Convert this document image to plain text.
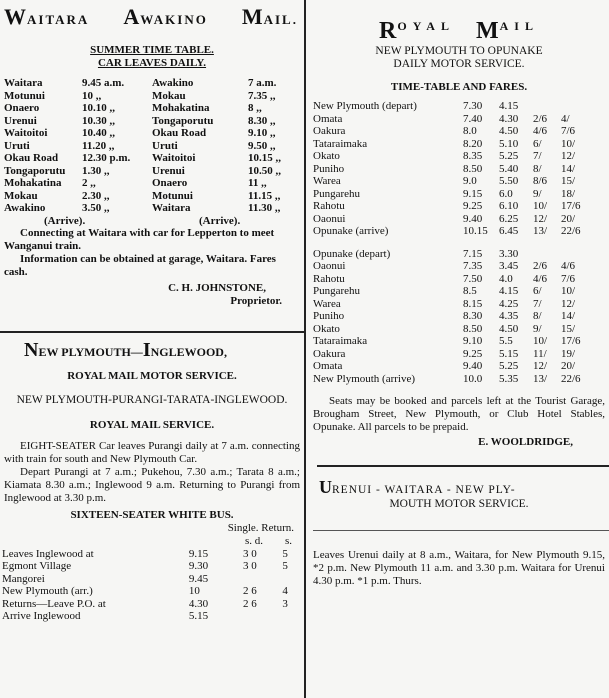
WAITARA AWAKINO MAIL.
SUMMER TIME TABLE.
CAR LEAVES DAILY.
Waitara	9.45 a.m.	Awakino	7 a.m.
Motunui	10 ,,	Mokau	7.35 ,,
Onaero	10.10 ,,	Mohakatina	8 ,,
Urenui	10.30 ,,	Tongaporutu	8.30 ,,
Waitoitoi	10.40 ,,	Okau Road	9.10 ,,
Uruti	11.20 ,,	Uruti	9.50 ,,
Okau Road	12.30 p.m.	Waitoitoi	10.15 ,,
Tongaporutu	1.30 ,,	Urenui	10.50 ,,
Mohakatina	2 ,,	Onaero	11 ,,
Mokau	2.30 ,,	Motunui	11.15 ,,
Awakino	3.50 ,,	Waitara	11.30 ,,
(Arrive).	(Arrive).

Connecting at Waitara with car for Lepperton to meet Wanganui train.

Information can be obtained at garage, Waitara. Fares cash.

C. H. JOHNSTONE,
Proprietor.
NEW PLYMOUTH—INGLEWOOD,
ROYAL MAIL MOTOR SERVICE.
NEW PLYMOUTH-PURANGI-TARATA-INGLEWOOD.
ROYAL MAIL SERVICE.

EIGHT-SEATER Car leaves Purangi daily at 7 a.m. connecting with train for south and New Plymouth Car.

Depart Purangi at 7 a.m.; Pukehou, 7.30 a.m.; Tarata 8 a.m.; Kiamata 8.30 a.m.; Inglewood 9 a.m. Returning to Purangi from Inglewood at 3.30 p.m.

SIXTEEN-SEATER WHITE BUS.
Single. Return.
s. d.	s.
Leaves Inglewood at	9.15	3 0	5
Egmont Village	9.30	3 0	5
Mangorei	9.45
New Plymouth (arr.)	10	2 6	4
Returns—Leave P.O. at	4.30	2 6	3
Arrive Inglewood	5.15
$R^{OYAL}$ $M^{AIL}$
NEW PLYMOUTH TO OPUNAKE
DAILY MOTOR SERVICE.
TIME-TABLE AND FARES.
New Plymouth (depart)	7.30	4.15
Omata	7.40	4.30	2/6	4/
Oakura	8.0	4.50	4/6	7/6
Tataraimaka	8.20	5.10	6/	10/
Okato	8.35	5.25	7/	12/
Puniho	8.50	5.40	8/	14/
Warea	9.0	5.50	8/6	15/
Pungarehu	9.15	6.0	9/	18/
Rahotu	9.25	6.10	10/	17/6
Oaonui	9.40	6.25	12/	20/
Opunake (arrive)	10.15	6.45	13/	22/6
Opunake (depart)	7.15	3.30
Oaonui	7.35	3.45	2/6	4/6
Rahotu	7.50	4.0	4/6	7/6
Pungarehu	8.5	4.15	6/	10/
Warea	8.15	4.25	7/	12/
Puniho	8.30	4.35	8/	14/
Okato	8.50	4.50	9/	15/
Tataraimaka	9.10	5.5	10/	17/6
Oakura	9.25	5.15	11/	19/
Omata	9.40	5.25	12/	20/
New Plymouth (arrive)	10.0	5.35	13/	22/6

Seats may be booked and parcels left at the Tourist Garage, Brougham Street, New Plymouth, or Club Hotel Stables, Opunake. All parcels to be prepaid.

E. WOOLDRIDGE,
URENUI - WAITARA - NEW PLY-
MOUTH MOTOR SERVICE.

Leaves Urenui daily at 8 a.m., Waitara, for New Plymouth 9.15, *2 p.m. New Plymouth 11 a.m. and 3.30 p.m. Waitara for Urenui 4.30 p.m. *1 p.m. Thurs.
